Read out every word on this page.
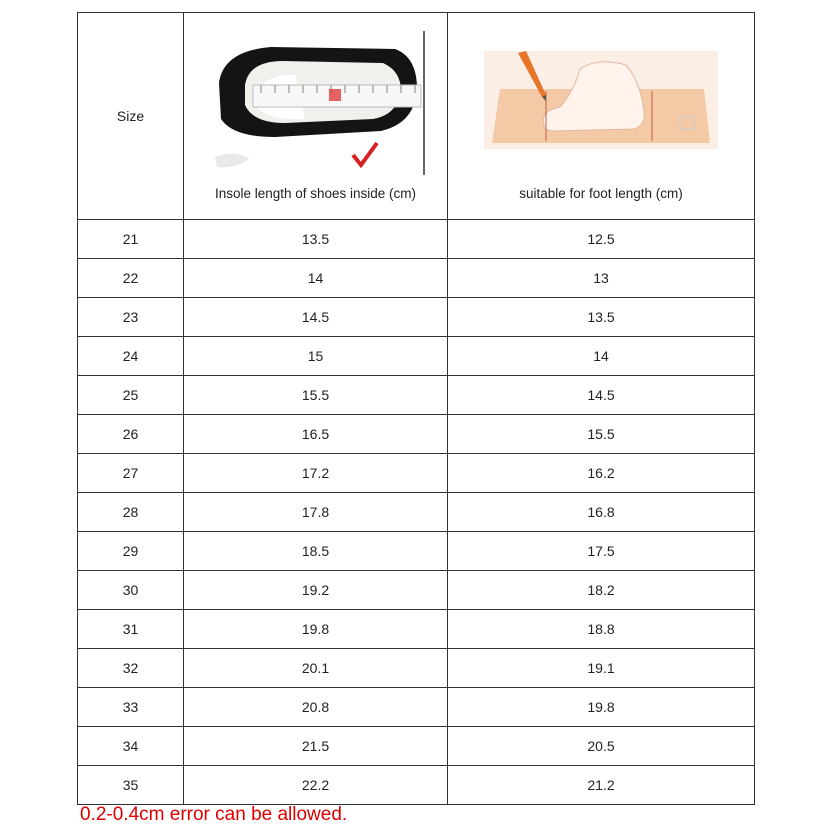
Size	Insole length of shoes inside (cm)	suitable for foot length (cm)

21	13.5	12.5
22	14	13
23	14.5	13.5
24	15	14
25	15.5	14.5
26	16.5	15.5
27	17.2	16.2
28	17.8	16.8
29	18.5	17.5
30	19.2	18.2
31	19.8	18.8
32	20.1	19.1
33	20.8	19.8
34	21.5	20.5
35	22.2	21.2
0.2-0.4cm error can be allowed.
